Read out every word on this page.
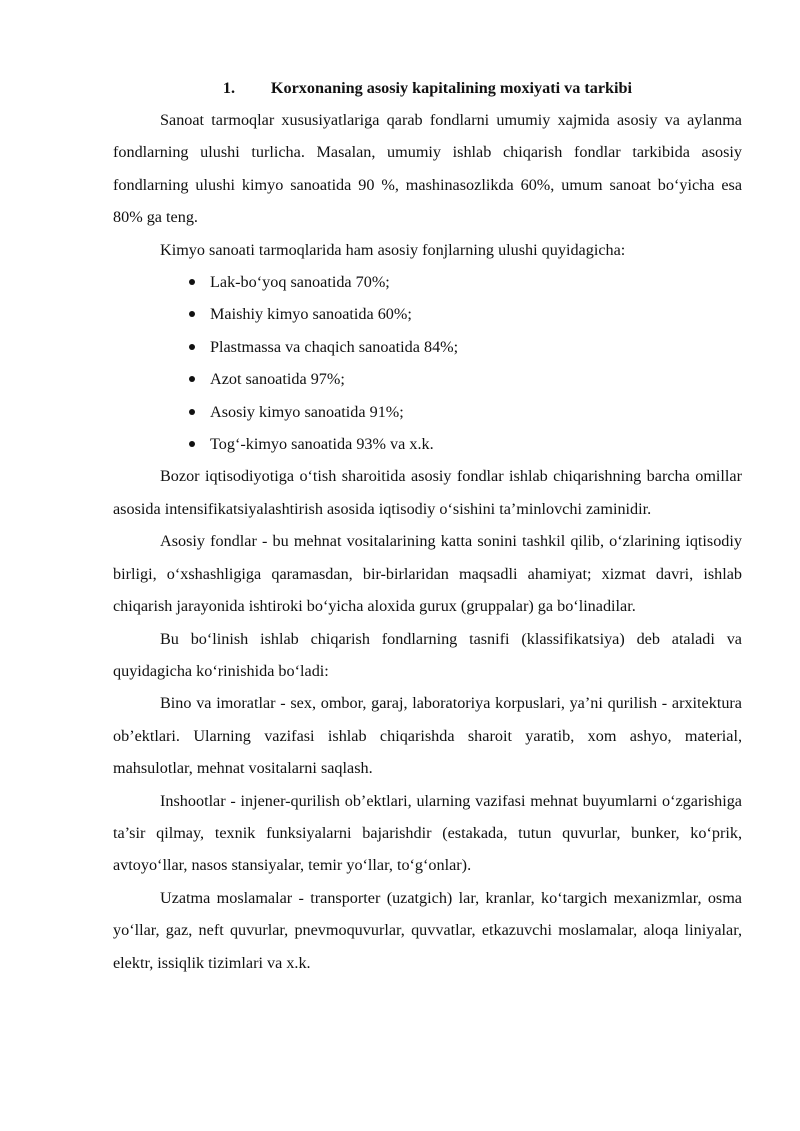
1.	Korxonaning asosiy kapitalining moxiyati va tarkibi

Sanoat tarmoqlar xususiyatlariga qarab fondlarni umumiy xajmida asosiy va aylanma fondlarning ulushi turlicha. Masalan, umumiy ishlab chiqarish fondlar tarkibida asosiy fondlarning ulushi kimyo sanoatida 90 %, mashinasozlikda 60%, umum sanoat bo‘yicha esa 80% ga teng.

Kimyo sanoati tarmoqlarida ham asosiy fonjlarning ulushi quyidagicha:

Lak-bo‘yoq sanoatida 70%;
Maishiy kimyo sanoatida 60%;
Plastmassa va chaqich sanoatida 84%;
Azot sanoatida 97%;
Asosiy kimyo sanoatida 91%;
Tog‘-kimyo sanoatida 93% va x.k.

Bozor iqtisodiyotiga o‘tish sharoitida asosiy fondlar ishlab chiqarishning barcha omillar asosida intensifikatsiyalashtirish asosida iqtisodiy o‘sishini ta’minlovchi zaminidir.

Asosiy fondlar - bu mehnat vositalarining katta sonini tashkil qilib, o‘zlarining iqtisodiy birligi, o‘xshashligiga qaramasdan, bir-birlaridan maqsadli ahamiyat; xizmat davri, ishlab chiqarish jarayonida ishtiroki bo‘yicha aloxida gurux (gruppalar) ga bo‘linadilar.

Bu bo‘linish ishlab chiqarish fondlarning tasnifi (klassifikatsiya) deb ataladi va quyidagicha ko‘rinishida bo‘ladi:

Bino va imoratlar - sex, ombor, garaj, laboratoriya korpuslari, ya’ni qurilish - arxitektura ob’ektlari. Ularning vazifasi ishlab chiqarishda sharoit yaratib, xom ashyo, material, mahsulotlar, mehnat vositalarni saqlash.

Inshootlar - injener-qurilish ob’ektlari, ularning vazifasi mehnat buyumlarni o‘zgarishiga ta’sir qilmay, texnik funksiyalarni bajarishdir (estakada, tutun quvurlar, bunker, ko‘prik, avtoyo‘llar, nasos stansiyalar, temir yo‘llar, to‘g‘onlar).

Uzatma moslamalar - transporter (uzatgich) lar, kranlar, ko‘targich mexanizmlar, osma yo‘llar, gaz, neft quvurlar, pnevmoquvurlar, quvvatlar, etkazuvchi moslamalar, aloqa liniyalar, elektr, issiqlik tizimlari va x.k.
